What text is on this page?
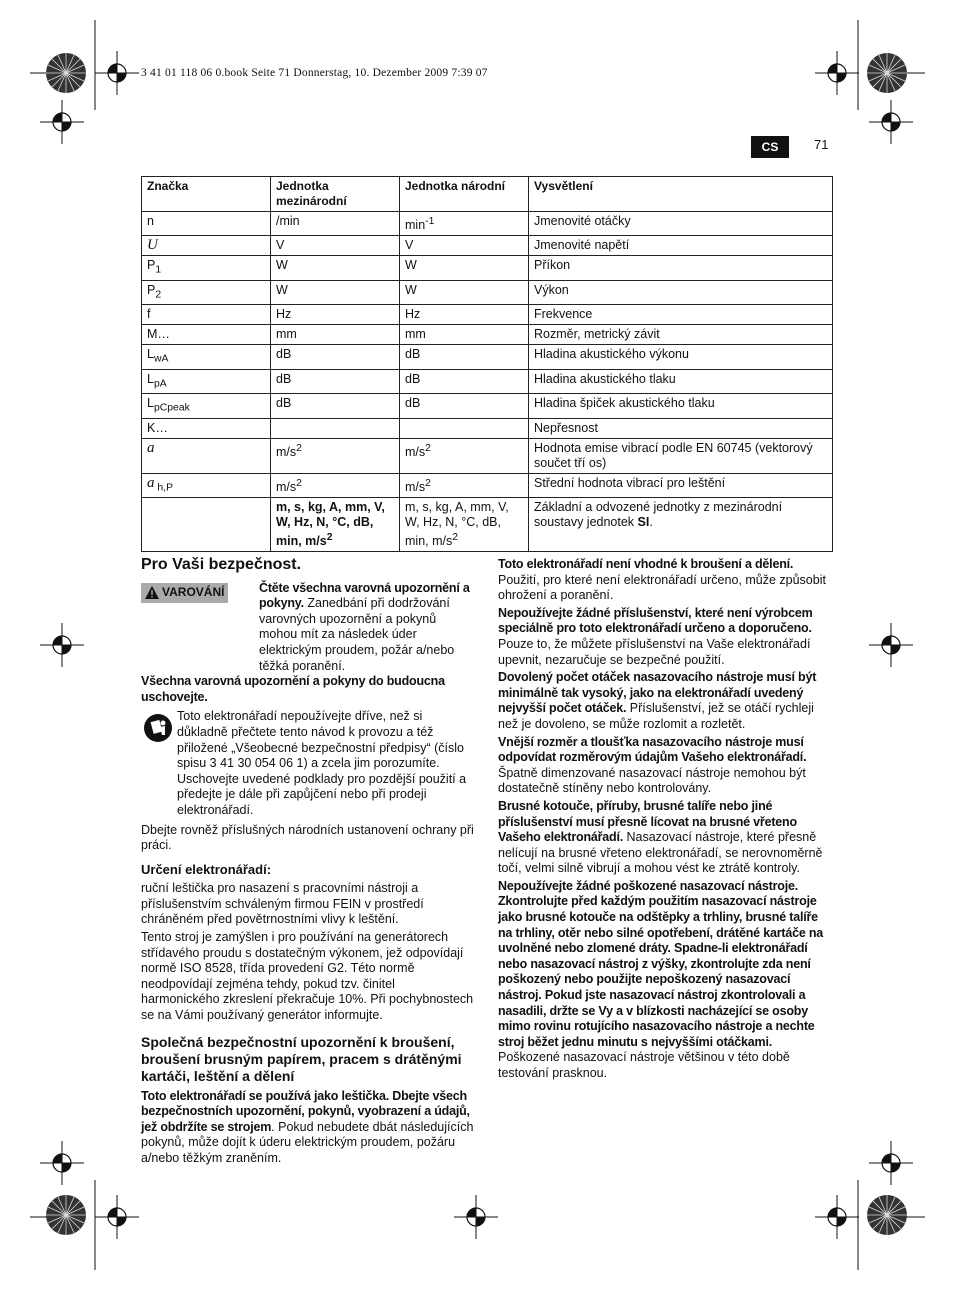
3 41 01 118 06 0.book Seite 71 Donnerstag, 10. Dezember 2009 7:39 07
CS	71
Značka	Jednotka mezinárodní	Jednotka národní	Vysvětlení
n	/min	$\min^{-1}$	Jmenovité otáčky
U	V	V	Jmenovité napětí
$P_1$	W	W	Příkon
$P_2$	W	W	Výkon
f	Hz	Hz	Frekvence
M…	mm	mm	Rozměr, metrický závit
$L_{wA}$	dB	dB	Hladina akustického výkonu
$L_{pA}$	dB	dB	Hladina akustického tlaku
$L_{pCpeak}$	dB	dB	Hladina špiček akustického tlaku
K…			Nepřesnost
a	$m/s^2$	$m/s^2$	Hodnota emise vibrací podle EN 60745 (vektorový součet tří os)
a $_{h,P}$	$m/s^2$	$m/s^2$	Střední hodnota vibrací pro leštění
	m, s, kg, A, mm, V, W, Hz, N, °C, dB, min, $m/s^2$	m, s, kg, A, mm, V, W, Hz, N, °C, dB, min, $m/s^2$	Základní a odvozené jednotky z mezinárodní soustavy jednotek SI.
Pro Vaši bezpečnost.
VAROVÁNÍ	Čtěte všechna varovná upozornění a pokyny. Zanedbání při dodržování varovných upozornění a pokynů mohou mít za následek úder elektrickým proudem, požár a/nebo těžká poranění.

Všechna varovná upozornění a pokyny do budoucna uschovejte.

Toto elektronářadí nepoužívejte dříve, než si důkladně přečtete tento návod k provozu a též přiložené „Všeobecné bezpečnostní předpisy“ (číslo spisu 3 41 30 054 06 1) a zcela jim porozumíte. Uschovejte uvedené podklady pro pozdější použití a předejte je dále při zapůjčení nebo při prodeji elektronářadí.

Dbejte rovněž příslušných národních ustanovení ochrany při práci.

Určení elektronářadí:

ruční leštička pro nasazení s pracovními nástroji a příslušenstvím schváleným firmou FEIN v prostředí chráněném před povětrnostními vlivy k leštění.

Tento stroj je zamýšlen i pro používání na generátorech střídavého proudu s dostatečným výkonem, jež odpovídají normě ISO 8528, třída provedení G2. Této normě neodpovídají zejména tehdy, pokud tzv. činitel harmonického zkreslení překračuje 10%. Při pochybnostech se na Vámi používaný generátor informujte.

Společná bezpečnostní upozornění k broušení, broušení brusným papírem, pracem s drátěnými kartáči, leštění a dělení

Toto elektronářadí se používá jako leštička. Dbejte všech bezpečnostních upozornění, pokynů, vyobrazení a údajů, jež obdržíte se strojem. Pokud nebudete dbát následujících pokynů, může dojít k úderu elektrickým proudem, požáru a/nebo těžkým zraněním.

Toto elektronářadí není vhodné k broušení a dělení. Použití, pro které není elektronářadí určeno, může způsobit ohrožení a poranění.

Nepoužívejte žádné příslušenství, které není výrobcem speciálně pro toto elektronářadí určeno a doporučeno. Pouze to, že můžete příslušenství na Vaše elektronářadí upevnit, nezaručuje se bezpečné použití.

Dovolený počet otáček nasazovacího nástroje musí být minimálně tak vysoký, jako na elektronářadí uvedený nejvyšší počet otáček. Příslušenství, jež se otáčí rychleji než je dovoleno, se může rozlomit a rozletět.

Vnější rozměr a tloušťka nasazovacího nástroje musí odpovídat rozměrovým údajům Vašeho elektronářadí. Špatně dimenzované nasazovací nástroje nemohou být dostatečně stíněny nebo kontrolovány.

Brusné kotouče, příruby, brusné talíře nebo jiné příslušenství musí přesně lícovat na brusné vřeteno Vašeho elektronářadí. Nasazovací nástroje, které přesně nelícují na brusné vřeteno elektronářadí, se nerovnoměrně točí, velmi silně vibrují a mohou vést ke ztrátě kontroly.

Nepoužívejte žádné poškozené nasazovací nástroje. Zkontrolujte před každým použitím nasazovací nástroje jako brusné kotouče na odštěpky a trhliny, brusné talíře na trhliny, otěr nebo silné opotřebení, drátěné kartáče na uvolněné nebo zlomené dráty. Spadne-li elektronářadí nebo nasazovací nástroj z výšky, zkontrolujte zda není poškozený nebo použijte nepoškozený nasazovací nástroj. Pokud jste nasazovací nástroj zkontrolovali a nasadili, držte se Vy a v blízkosti nacházející se osoby mimo rovinu rotujícího nasazovacího nástroje a nechte stroj běžet jednu minutu s nejvyššími otáčkami. Poškozené nasazovací nástroje většinou v této době testování prasknou.
